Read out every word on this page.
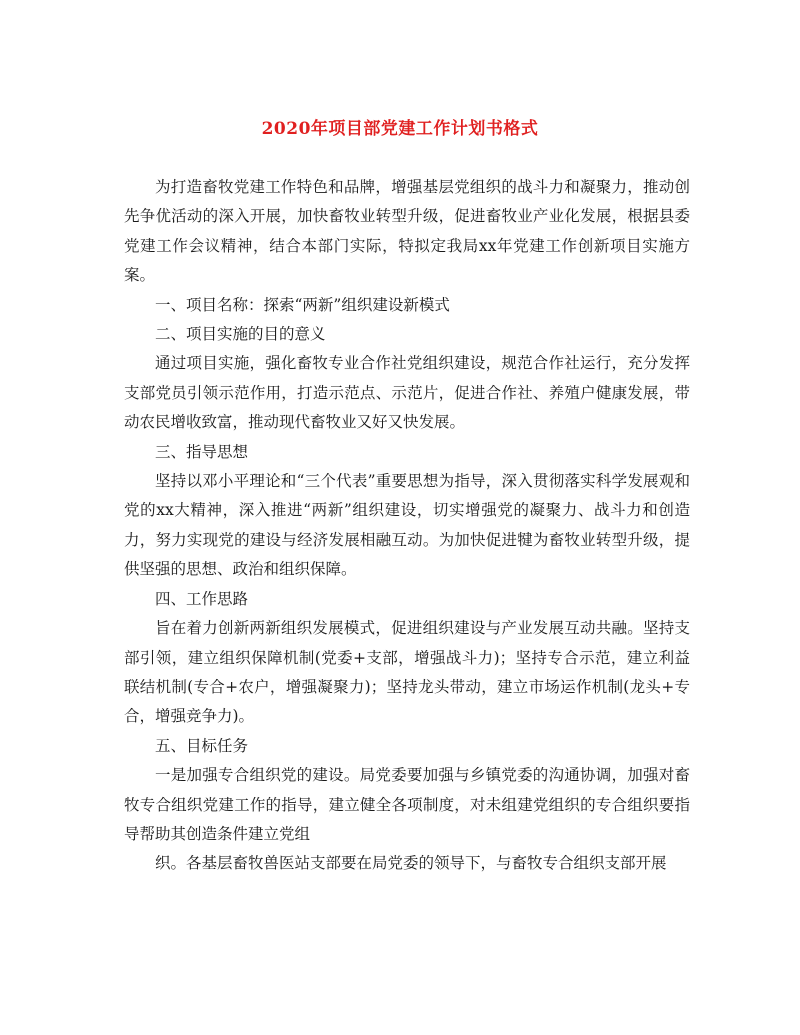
2020年项目部党建工作计划书格式

为打造畜牧党建工作特色和品牌，增强基层党组织的战斗力和凝聚力，推动创先争优活动的深入开展，加快畜牧业转型升级，促进畜牧业产业化发展，根据县委党建工作会议精神，结合本部门实际，特拟定我局xx年党建工作创新项目实施方案。

一、项目名称：探索“两新”组织建设新模式

二、项目实施的目的意义

通过项目实施，强化畜牧专业合作社党组织建设，规范合作社运行，充分发挥支部党员引领示范作用，打造示范点、示范片，促进合作社、养殖户健康发展，带动农民增收致富，推动现代畜牧业又好又快发展。

三、指导思想

坚持以邓小平理论和“三个代表”重要思想为指导，深入贯彻落实科学发展观和党的xx大精神，深入推进“两新”组织建设，切实增强党的凝聚力、战斗力和创造力，努力实现党的建设与经济发展相融互动。为加快促进犍为畜牧业转型升级，提供坚强的思想、政治和组织保障。

四、工作思路

旨在着力创新两新组织发展模式，促进组织建设与产业发展互动共融。坚持支部引领，建立组织保障机制(党委+支部，增强战斗力)；坚持专合示范，建立利益联结机制(专合+农户，增强凝聚力)；坚持龙头带动，建立市场运作机制(龙头+专合，增强竞争力)。

五、目标任务

一是加强专合组织党的建设。局党委要加强与乡镇党委的沟通协调，加强对畜牧专合组织党建工作的指导，建立健全各项制度，对未组建党组织的专合组织要指导帮助其创造条件建立党组

织。各基层畜牧兽医站支部要在局党委的领导下，与畜牧专合组织支部开展
